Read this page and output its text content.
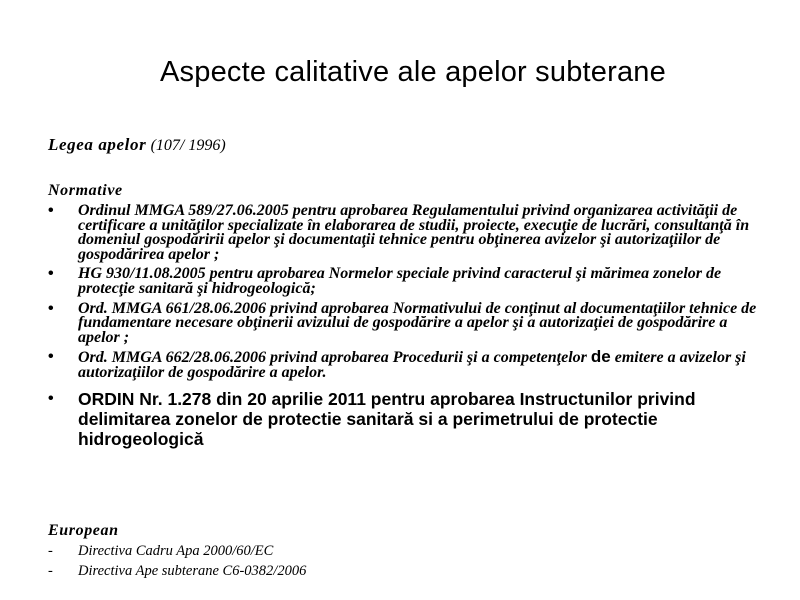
Aspecte calitative ale apelor subterane
Legea apelor (107/ 1996)
Normative
• Ordinul MMGA 589/27.06.2005 pentru aprobarea Regulamentului privind organizarea activităţii de certificare a unităţilor specializate în elaborarea de studii, proiecte, execuţie de lucrări, consultanţă în domeniul gospodăririi apelor şi documentaţii tehnice pentru obţinerea avizelor şi autorizaţiilor de gospodărirea apelor ;
• HG 930/11.08.2005 pentru aprobarea Normelor speciale privind caracterul şi mărimea zonelor de protecţie sanitară şi hidrogeologică;
• Ord. MMGA 661/28.06.2006 privind aprobarea Normativului de conţinut al documentaţiilor tehnice de fundamentare necesare obţinerii avizului de gospodărire a apelor şi a autorizaţiei de gospodărire a apelor ;
• Ord. MMGA 662/28.06.2006 privind aprobarea Procedurii şi a competenţelor de emitere a avizelor şi autorizaţiilor de gospodărire a apelor.
• ORDIN Nr. 1.278 din 20 aprilie 2011 pentru aprobarea Instructunilor privind delimitarea zonelor de protectie sanitară si a perimetrului de protectie hidrogeologică
European
- Directiva Cadru Apa 2000/60/EC
- Directiva Ape subterane C6-0382/2006
